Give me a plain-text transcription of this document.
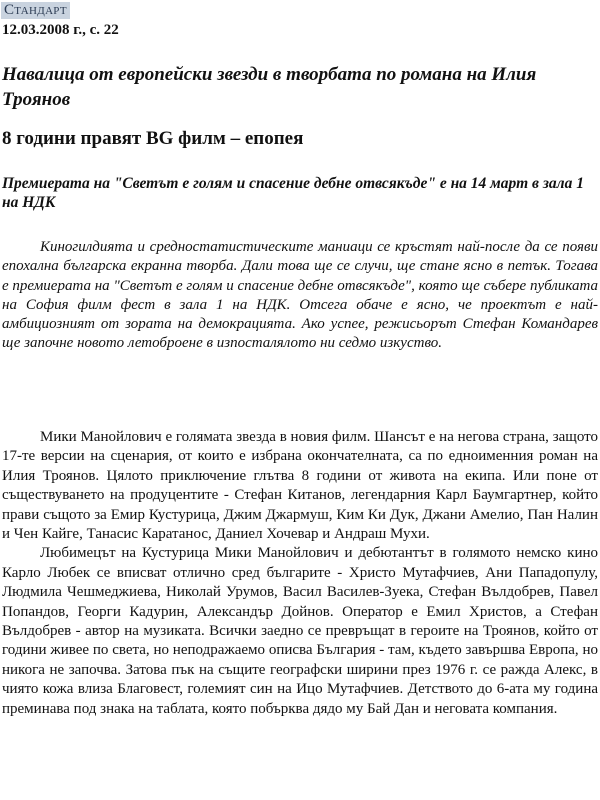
Стандарт
12.03.2008 г., с. 22
Навалица от европейски звезди в творбата по романа на Илия Троянов
8 години правят BG филм – епопея
Премиерата на "Светът е голям и спасение дебне отвсякъде" е на 14 март в зала 1 на НДК

Киногилдията и средностатистическите маниаци се кръстят най-после да се появи епохална българска екранна творба. Дали това ще се случи, ще стане ясно в петък. Тогава е премиерата на "Светът е голям и спасение дебне отвсякъде", която ще събере публиката на София филм фест в зала 1 на НДК. Отсега обаче е ясно, че проектът е най-амбициозният от зората на демокрацията. Ако успее, режисьорът Стефан Командарев ще започне новото летоброене в изпосталялото ни седмо изкуство.

Мики Манойлович е голямата звезда в новия филм. Шансът е на негова страна, защото 17-те версии на сценария, от които е избрана окончателната, са по едноименния роман на Илия Троянов. Цялото приключение глътва 8 години от живота на екипа. Или поне от съществуването на продуцентите - Стефан Китанов, легендарния Карл Баумгартнер, който прави същото за Емир Кустурица, Джим Джармуш, Ким Ки Дук, Джани Амелио, Пан Налин и Чен Кайге, Танасис Каратанос, Даниел Хочевар и Андраш Мухи.

Любимецът на Кустурица Мики Манойлович и дебютантът в голямото немско кино Карло Любек се вписват отлично сред българите - Христо Мутафчиев, Ани Пападопулу, Людмила Чешмеджиева, Николай Урумов, Васил Василев-Зуека, Стефан Вълдобрев, Павел Попандов, Георги Кадурин, Александър Дойнов. Оператор е Емил Христов, а Стефан Вълдобрев - автор на музиката. Всички заедно се превръщат в героите на Троянов, който от години живее по света, но неподражаемо описва България - там, където завършва Европа, но никога не започва. Затова пък на същите географски ширини през 1976 г. се ражда Алекс, в чиято кожа влиза Благовест, големият син на Ицо Мутафчиев. Детството до 6-ата му година преминава под знака на таблата, която побърква дядо му Бай Дан и неговата компания.
